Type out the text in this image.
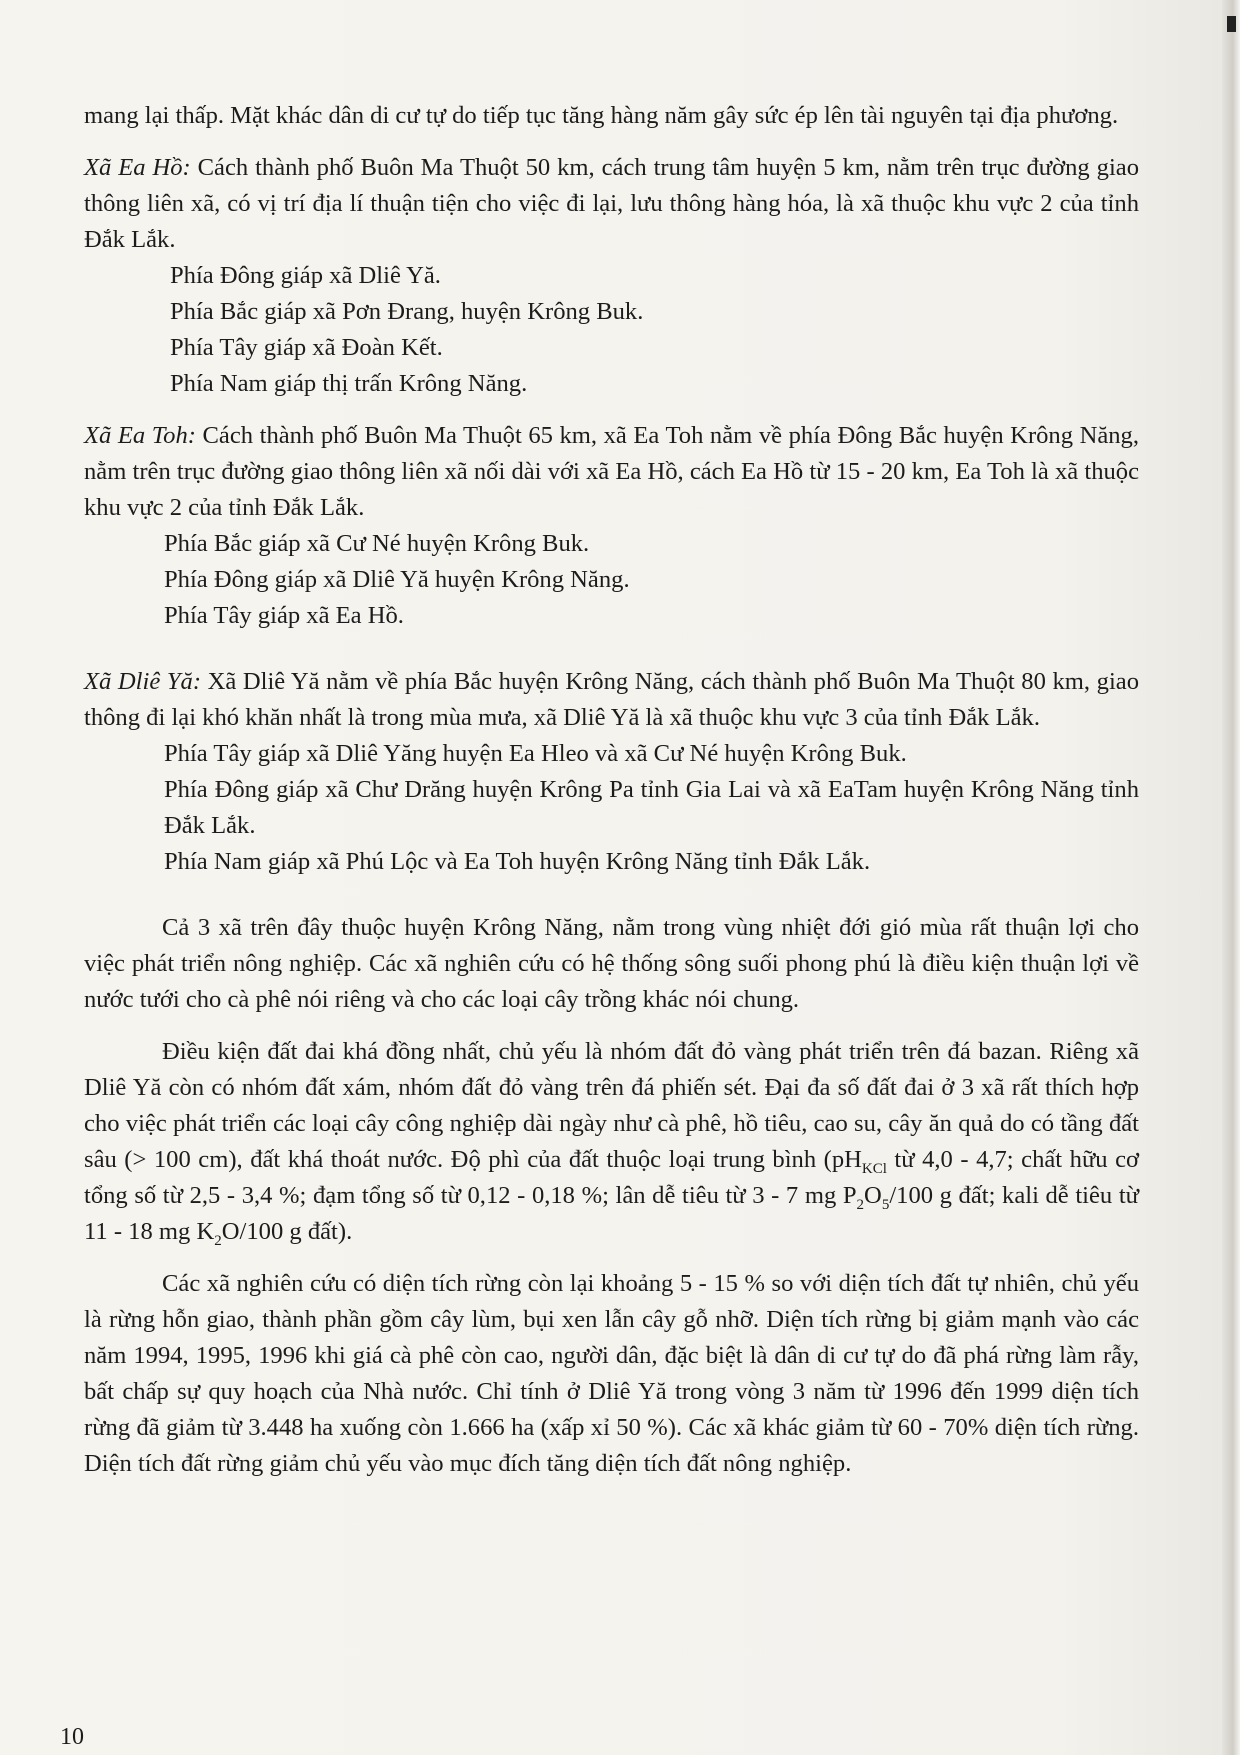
mang lại thấp. Mặt khác dân di cư tự do tiếp tục tăng hàng năm gây sức ép lên tài nguyên tại địa phương.

Xã Ea Hồ: Cách thành phố Buôn Ma Thuột 50 km, cách trung tâm huyện 5 km, nằm trên trục đường giao thông liên xã, có vị trí địa lí thuận tiện cho việc đi lại, lưu thông hàng hóa, là xã thuộc khu vực 2 của tỉnh Đắk Lắk.

Phía Đông giáp xã Dliê Yă.

Phía Bắc giáp xã Pơn Đrang, huyện Krông Buk.

Phía Tây giáp xã Đoàn Kết.

Phía Nam giáp thị trấn Krông Năng.

Xã Ea Toh: Cách thành phố Buôn Ma Thuột 65 km, xã Ea Toh nằm về phía Đông Bắc huyện Krông Năng, nằm trên trục đường giao thông liên xã nối dài với xã Ea Hồ, cách Ea Hồ từ 15 - 20 km, Ea Toh là xã thuộc khu vực 2 của tỉnh Đắk Lắk.

Phía Bắc giáp xã Cư Né huyện Krông Buk.

Phía Đông giáp xã Dliê Yă huyện Krông Năng.

Phía Tây giáp xã Ea Hồ.

Xã Dliê Yă: Xã Dliê Yă nằm về phía Bắc huyện Krông Năng, cách thành phố Buôn Ma Thuột 80 km, giao thông đi lại khó khăn nhất là trong mùa mưa, xã Dliê Yă là xã thuộc khu vực 3 của tỉnh Đắk Lắk.

Phía Tây giáp xã Dliê Yăng huyện Ea Hleo và xã Cư Né huyện Krông Buk.

Phía Đông giáp xã Chư Drăng huyện Krông Pa tỉnh Gia Lai và xã EaTam huyện Krông Năng tỉnh Đắk Lắk.

Phía Nam giáp xã Phú Lộc và Ea Toh huyện Krông Năng tỉnh Đắk Lắk.

Cả 3 xã trên đây thuộc huyện Krông Năng, nằm trong vùng nhiệt đới gió mùa rất thuận lợi cho việc phát triển nông nghiệp. Các xã nghiên cứu có hệ thống sông suối phong phú là điều kiện thuận lợi về nước tưới cho cà phê nói riêng và cho các loại cây trồng khác nói chung.

Điều kiện đất đai khá đồng nhất, chủ yếu là nhóm đất đỏ vàng phát triển trên đá bazan. Riêng xã Dliê Yă còn có nhóm đất xám, nhóm đất đỏ vàng trên đá phiến sét. Đại đa số đất đai ở 3 xã rất thích hợp cho việc phát triển các loại cây công nghiệp dài ngày như cà phê, hồ tiêu, cao su, cây ăn quả do có tầng đất sâu (> 100 cm), đất khá thoát nước. Độ phì của đất thuộc loại trung bình ($pH_{KCl}$ từ 4,0 - 4,7; chất hữu cơ tổng số từ 2,5 - 3,4 %; đạm tổng số từ 0,12 - 0,18 %; lân dễ tiêu từ 3 - 7 mg $P_2O_5/100$ g đất; kali dễ tiêu từ 11 - 18 mg $K_2O/100$ g đất).

Các xã nghiên cứu có diện tích rừng còn lại khoảng 5 - 15 % so với diện tích đất tự nhiên, chủ yếu là rừng hỗn giao, thành phần gồm cây lùm, bụi xen lẫn cây gỗ nhỡ. Diện tích rừng bị giảm mạnh vào các năm 1994, 1995, 1996 khi giá cà phê còn cao, người dân, đặc biệt là dân di cư tự do đã phá rừng làm rẫy, bất chấp sự quy hoạch của Nhà nước. Chỉ tính ở Dliê Yă trong vòng 3 năm từ 1996 đến 1999 diện tích rừng đã giảm từ 3.448 ha xuống còn 1.666 ha (xấp xỉ 50 %). Các xã khác giảm từ 60 - 70% diện tích rừng. Diện tích đất rừng giảm chủ yếu vào mục đích tăng diện tích đất nông nghiệp.

10
